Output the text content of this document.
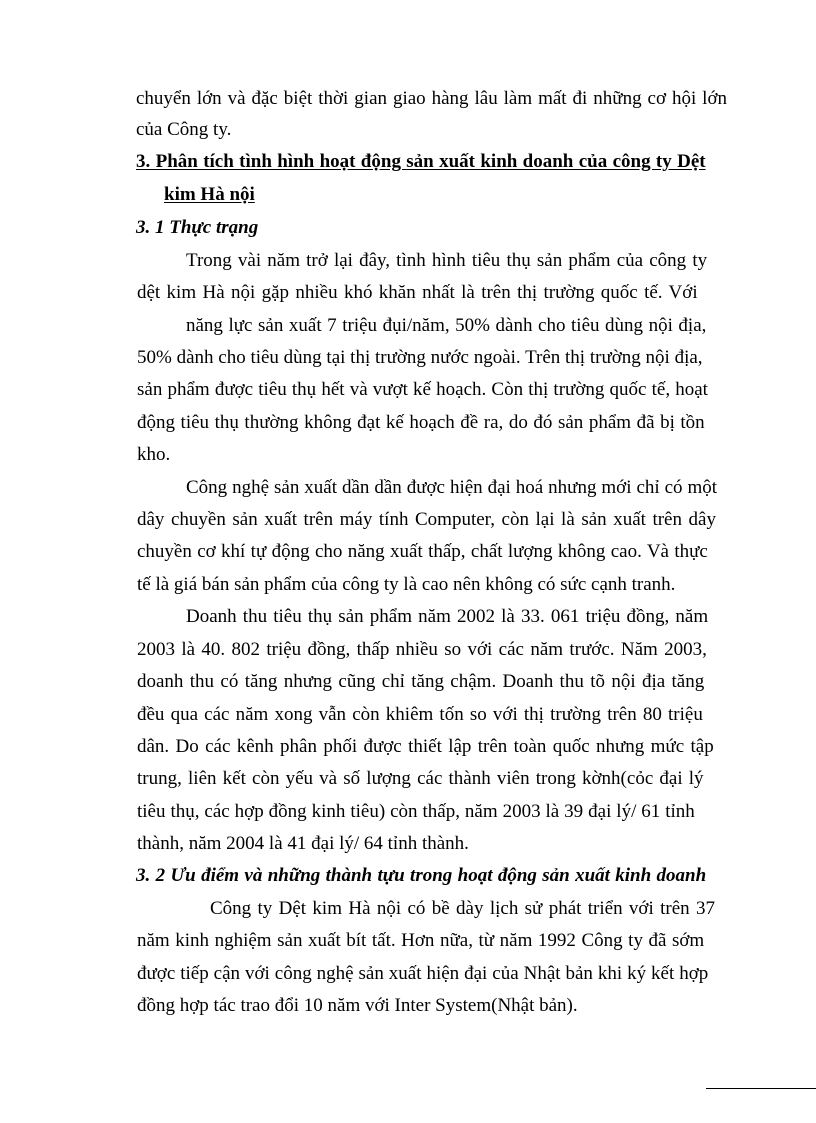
chuyển lớn và đặc biệt thời gian giao hàng lâu làm mất đi những cơ hội lớn
của Công ty.
3. Phân tích tình hình hoạt động sản xuất kinh doanh của công ty Dệt
kim Hà nội
3. 1 Thực trạng
Trong vài năm trở lại đây, tình hình tiêu thụ sản phẩm của công ty
dệt kim Hà nội gặp nhiều khó khăn nhất là trên thị trường quốc tế. Với
năng lực sản xuất 7 triệu đụi/năm, 50% dành cho tiêu dùng nội địa,
50% dành cho tiêu dùng tại thị trường nước ngoài. Trên thị trường nội địa,
sản phẩm được tiêu thụ hết và vượt kế hoạch. Còn thị trường quốc tế, hoạt
động tiêu thụ thường không đạt kế hoạch đề ra, do đó sản phẩm đã bị tồn
kho.
Công nghệ sản xuất dần dần được hiện đại hoá nhưng mới chỉ có một
dây chuyền sản xuất trên máy tính Computer, còn lại là sản xuất trên dây
chuyền cơ khí tự động cho năng xuất thấp, chất lượng không cao. Và thực
tế là giá bán sản phẩm của công ty là cao nên không có sức cạnh tranh.
Doanh thu tiêu thụ sản phẩm năm 2002 là 33. 061 triệu đồng, năm
2003 là 40. 802 triệu đồng, thấp nhiều so với các năm trước. Năm 2003,
doanh thu có tăng nhưng cũng chỉ tăng chậm. Doanh thu tõ nội địa tăng
đều qua các năm xong vẫn còn khiêm tốn so với thị trường trên 80 triệu
dân. Do các kênh phân phối được thiết lập trên toàn quốc nhưng mức tập
trung, liên kết còn yếu và số lượng các thành viên trong kờnh(cỏc đại lý
tiêu thụ, các hợp đồng kinh tiêu) còn thấp, năm 2003 là 39 đại lý/ 61 tỉnh
thành, năm 2004 là 41 đại lý/ 64 tỉnh thành.
3. 2 Ưu điểm và những thành tựu trong hoạt động sản xuất kinh doanh
Công ty Dệt kim Hà nội có bề dày lịch sử phát triển với trên 37
năm kinh nghiệm sản xuất bít tất. Hơn nữa, từ năm 1992 Công ty đã sớm
được tiếp cận với công nghệ sản xuất hiện đại của Nhật bản khi ký kết hợp
đồng hợp tác trao đổi 10 năm với Inter System(Nhật bản).
